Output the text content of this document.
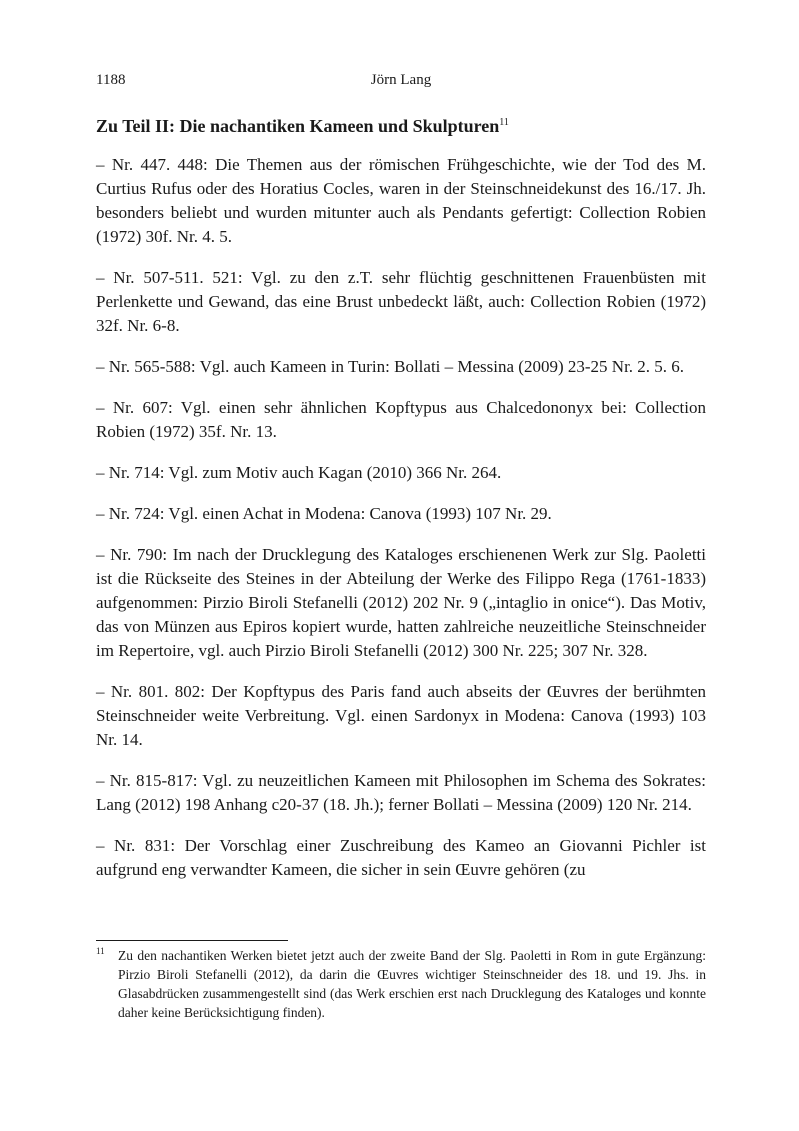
1188	Jörn Lang
Zu Teil II: Die nachantiken Kameen und Skulpturen$^{11}$

– Nr. 447. 448: Die Themen aus der römischen Frühgeschichte, wie der Tod des M. Curtius Rufus oder des Horatius Cocles, waren in der Steinschneidekunst des 16./17. Jh. besonders beliebt und wurden mitunter auch als Pendants gefertigt: Collection Robien (1972) 30f. Nr. 4. 5.

– Nr. 507-511. 521: Vgl. zu den z.T. sehr flüchtig geschnittenen Frauenbüsten mit Perlenkette und Gewand, das eine Brust unbedeckt läßt, auch: Collection Robien (1972) 32f. Nr. 6-8.

– Nr. 565-588: Vgl. auch Kameen in Turin: Bollati – Messina (2009) 23-25 Nr. 2. 5. 6.

– Nr. 607: Vgl. einen sehr ähnlichen Kopftypus aus Chalcedononyx bei: Collection Robien (1972) 35f. Nr. 13.

– Nr. 714: Vgl. zum Motiv auch Kagan (2010) 366 Nr. 264.

– Nr. 724: Vgl. einen Achat in Modena: Canova (1993) 107 Nr. 29.

– Nr. 790: Im nach der Drucklegung des Kataloges erschienenen Werk zur Slg. Paoletti ist die Rückseite des Steines in der Abteilung der Werke des Filippo Rega (1761-1833) aufgenommen: Pirzio Biroli Stefanelli (2012) 202 Nr. 9 („intaglio in onice“). Das Motiv, das von Münzen aus Epiros kopiert wurde, hatten zahlreiche neuzeitliche Steinschneider im Repertoire, vgl. auch Pirzio Biroli Stefanelli (2012) 300 Nr. 225; 307 Nr. 328.

– Nr. 801. 802: Der Kopftypus des Paris fand auch abseits der Œuvres der berühmten Steinschneider weite Verbreitung. Vgl. einen Sardonyx in Modena: Canova (1993) 103 Nr. 14.

– Nr. 815-817: Vgl. zu neuzeitlichen Kameen mit Philosophen im Schema des Sokrates: Lang (2012) 198 Anhang c20-37 (18. Jh.); ferner Bollati – Messina (2009) 120 Nr. 214.

– Nr. 831: Der Vorschlag einer Zuschreibung des Kameo an Giovanni Pichler ist aufgrund eng verwandter Kameen, die sicher in sein Œuvre gehören (zu

11 Zu den nachantiken Werken bietet jetzt auch der zweite Band der Slg. Paoletti in Rom in gute Ergänzung: Pirzio Biroli Stefanelli (2012), da darin die Œuvres wichtiger Steinschneider des 18. und 19. Jhs. in Glasabdrücken zusammengestellt sind (das Werk erschien erst nach Drucklegung des Kataloges und konnte daher keine Berücksichtigung finden).
